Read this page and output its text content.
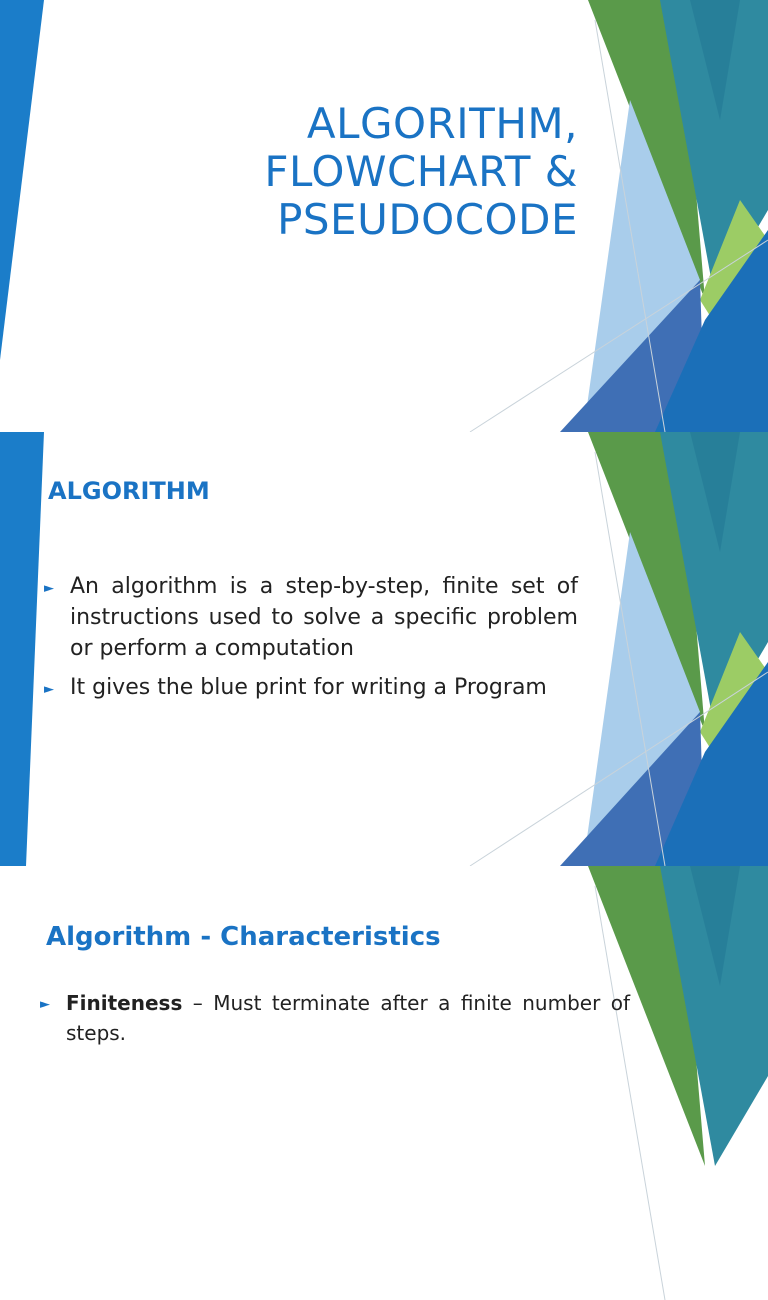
ALGORITHM,
FLOWCHART &
PSEUDOCODE
ALGORITHM
► An algorithm is a step-by-step, finite set of instructions used to solve a specific problem or perform a computation
► It gives the blue print for writing a Program
Algorithm - Characteristics
► Finiteness – Must terminate after a finite number of steps.
